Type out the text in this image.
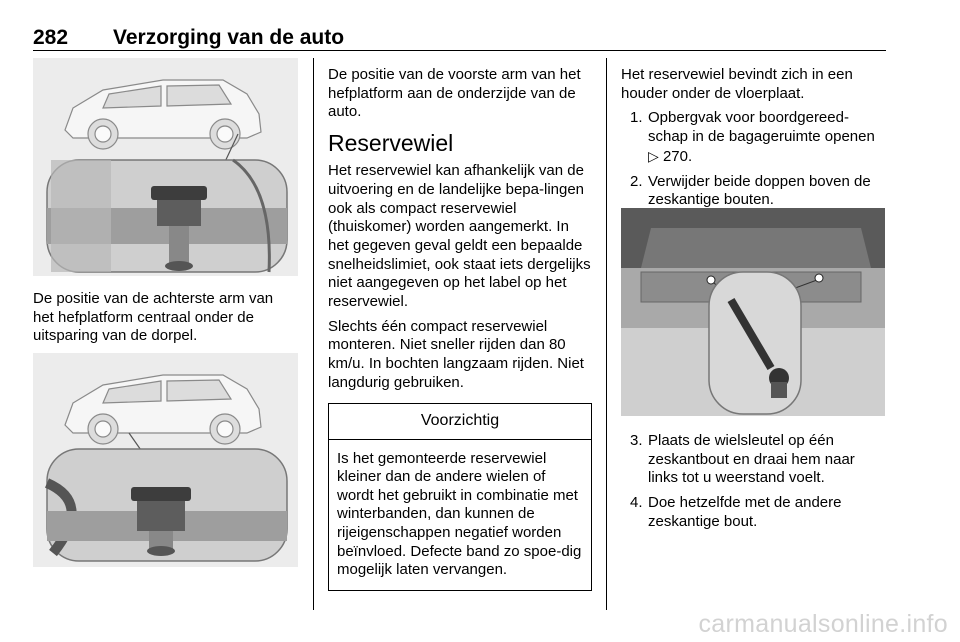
282 Verzorging van de auto

De positie van de achterste arm van het hefplatform centraal onder de uitsparing van de dorpel.

De positie van de voorste arm van het hefplatform aan de onderzijde van de auto.

Reservewiel

Het reservewiel kan afhankelijk van de uitvoering en de landelijke bepa-lingen ook als compact reservewiel (thuiskomer) worden aangemerkt. In het gegeven geval geldt een bepaalde snelheidslimiet, ook staat iets dergelijks niet aangegeven op het label op het reservewiel.

Slechts één compact reservewiel monteren. Niet sneller rijden dan 80 km/u. In bochten langzaam rijden. Niet langdurig gebruiken.

Voorzichtig
Is het gemonteerde reservewiel kleiner dan de andere wielen of wordt het gebruikt in combinatie met winterbanden, dan kunnen de rijeigenschappen negatief worden beïnvloed. Defecte band zo spoe-dig mogelijk laten vervangen.

Het reservewiel bevindt zich in een houder onder de vloerplaat.

1. Opbergvak voor boordgereed-schap in de bagageruimte openen ▷ 270.
2. Verwijder beide doppen boven de zeskantige bouten.
3. Plaats de wielsleutel op één zeskantbout en draai hem naar links tot u weerstand voelt.
4. Doe hetzelfde met de andere zeskantige bout.
carmanualsonline.info
